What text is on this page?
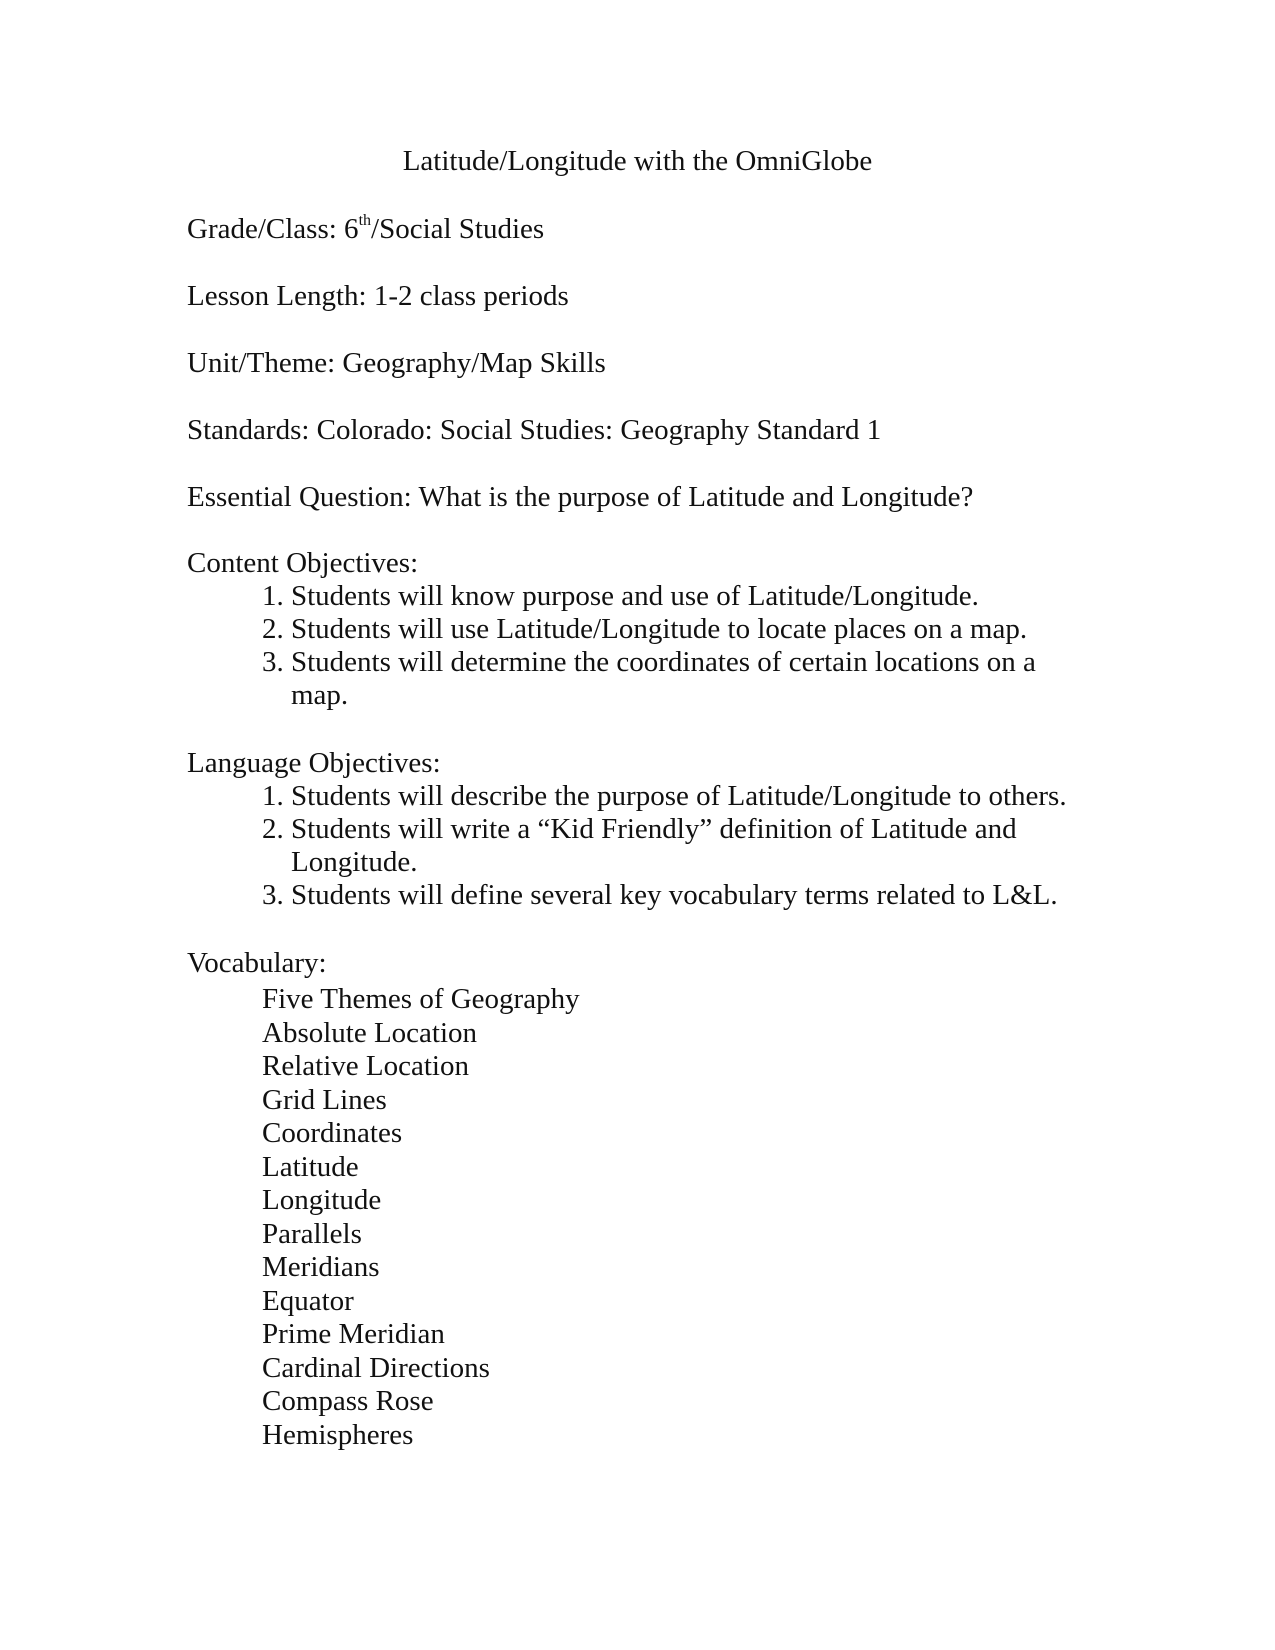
Latitude/Longitude with the OmniGlobe
Grade/Class: 6th/Social Studies
Lesson Length: 1-2 class periods
Unit/Theme: Geography/Map Skills
Standards: Colorado: Social Studies: Geography Standard 1
Essential Question: What is the purpose of Latitude and Longitude?
Content Objectives:
1. Students will know purpose and use of Latitude/Longitude.
2. Students will use Latitude/Longitude to locate places on a map.
3. Students will determine the coordinates of certain locations on a
map.
Language Objectives:
1. Students will describe the purpose of Latitude/Longitude to others.
2. Students will write a “Kid Friendly” definition of Latitude and
Longitude.
3. Students will define several key vocabulary terms related to L&L.
Vocabulary:
Five Themes of Geography
Absolute Location
Relative Location
Grid Lines
Coordinates
Latitude
Longitude
Parallels
Meridians
Equator
Prime Meridian
Cardinal Directions
Compass Rose
Hemispheres
